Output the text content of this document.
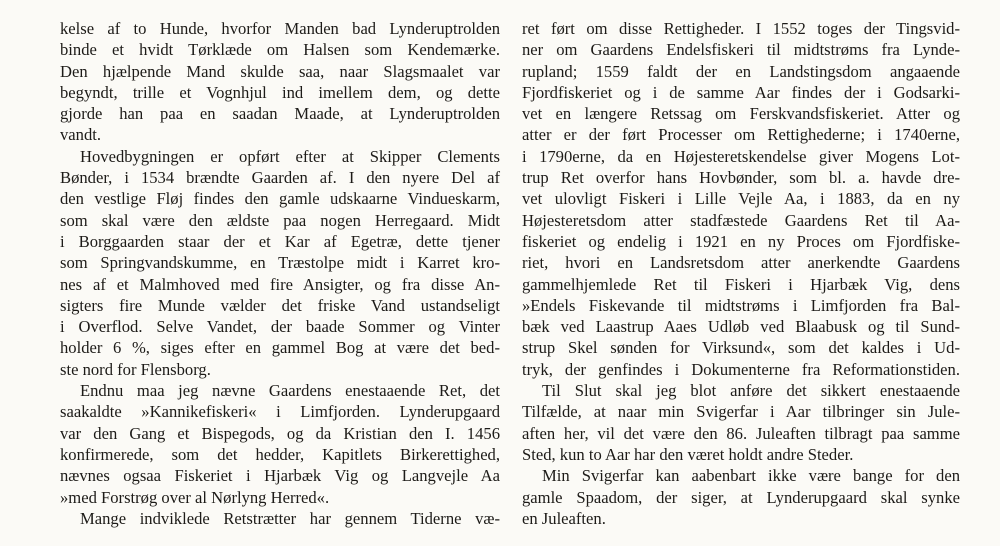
kelse af to Hunde, hvorfor Manden bad Lynderuptrolden
binde et hvidt Tørklæde om Halsen som Kendemærke.
Den hjælpende Mand skulde saa, naar Slagsmaalet var
begyndt, trille et Vognhjul ind imellem dem, og dette
gjorde han paa en saadan Maade, at Lynderuptrolden
vandt.
Hovedbygningen er opført efter at Skipper Clements
Bønder, i 1534 brændte Gaarden af. I den nyere Del af
den vestlige Fløj findes den gamle udskaarne Vindueskarm,
som skal være den ældste paa nogen Herregaard. Midt
i Borggaarden staar der et Kar af Egetræ, dette tjener
som Springvandskumme, en Træstolpe midt i Karret kro-
nes af et Malmhoved med fire Ansigter, og fra disse An-
sigters fire Munde vælder det friske Vand ustandseligt
i Overflod. Selve Vandet, der baade Sommer og Vinter
holder 6 %, siges efter en gammel Bog at være det bed-
ste nord for Flensborg.
Endnu maa jeg nævne Gaardens enestaaende Ret, det
saakaldte »Kannikefiskeri« i Limfjorden. Lynderupgaard
var den Gang et Bispegods, og da Kristian den I. 1456
konfirmerede, som det hedder, Kapitlets Birkerettighed,
nævnes ogsaa Fiskeriet i Hjarbæk Vig og Langvejle Aa
»med Forstrøg over al Nørlyng Herred«.
Mange indviklede Retstrætter har gennem Tiderne væ-
ret ført om disse Rettigheder. I 1552 toges der Tingsvid-
ner om Gaardens Endelsfiskeri til midtstrøms fra Lynde-
rupland; 1559 faldt der en Landstingsdom angaaende
Fjordfiskeriet og i de samme Aar findes der i Godsarki-
vet en længere Retssag om Ferskvandsfiskeriet. Atter og
atter er der ført Processer om Rettighederne; i 1740erne,
i 1790erne, da en Højesteretskendelse giver Mogens Lot-
trup Ret overfor hans Hovbønder, som bl. a. havde dre-
vet ulovligt Fiskeri i Lille Vejle Aa, i 1883, da en ny
Højesteretsdom atter stadfæstede Gaardens Ret til Aa-
fiskeriet og endelig i 1921 en ny Proces om Fjordfiske-
riet, hvori en Landsretsdom atter anerkendte Gaardens
gammelhjemlede Ret til Fiskeri i Hjarbæk Vig, dens
»Endels Fiskevande til midtstrøms i Limfjorden fra Bal-
bæk ved Laastrup Aaes Udløb ved Blaabusk og til Sund-
strup Skel sønden for Virksund«, som det kaldes i Ud-
tryk, der genfindes i Dokumenterne fra Reformationstiden.
Til Slut skal jeg blot anføre det sikkert enestaaende
Tilfælde, at naar min Svigerfar i Aar tilbringer sin Jule-
aften her, vil det være den 86. Juleaften tilbragt paa samme
Sted, kun to Aar har den været holdt andre Steder.
Min Svigerfar kan aabenbart ikke være bange for den
gamle Spaadom, der siger, at Lynderupgaard skal synke
en Juleaften.
